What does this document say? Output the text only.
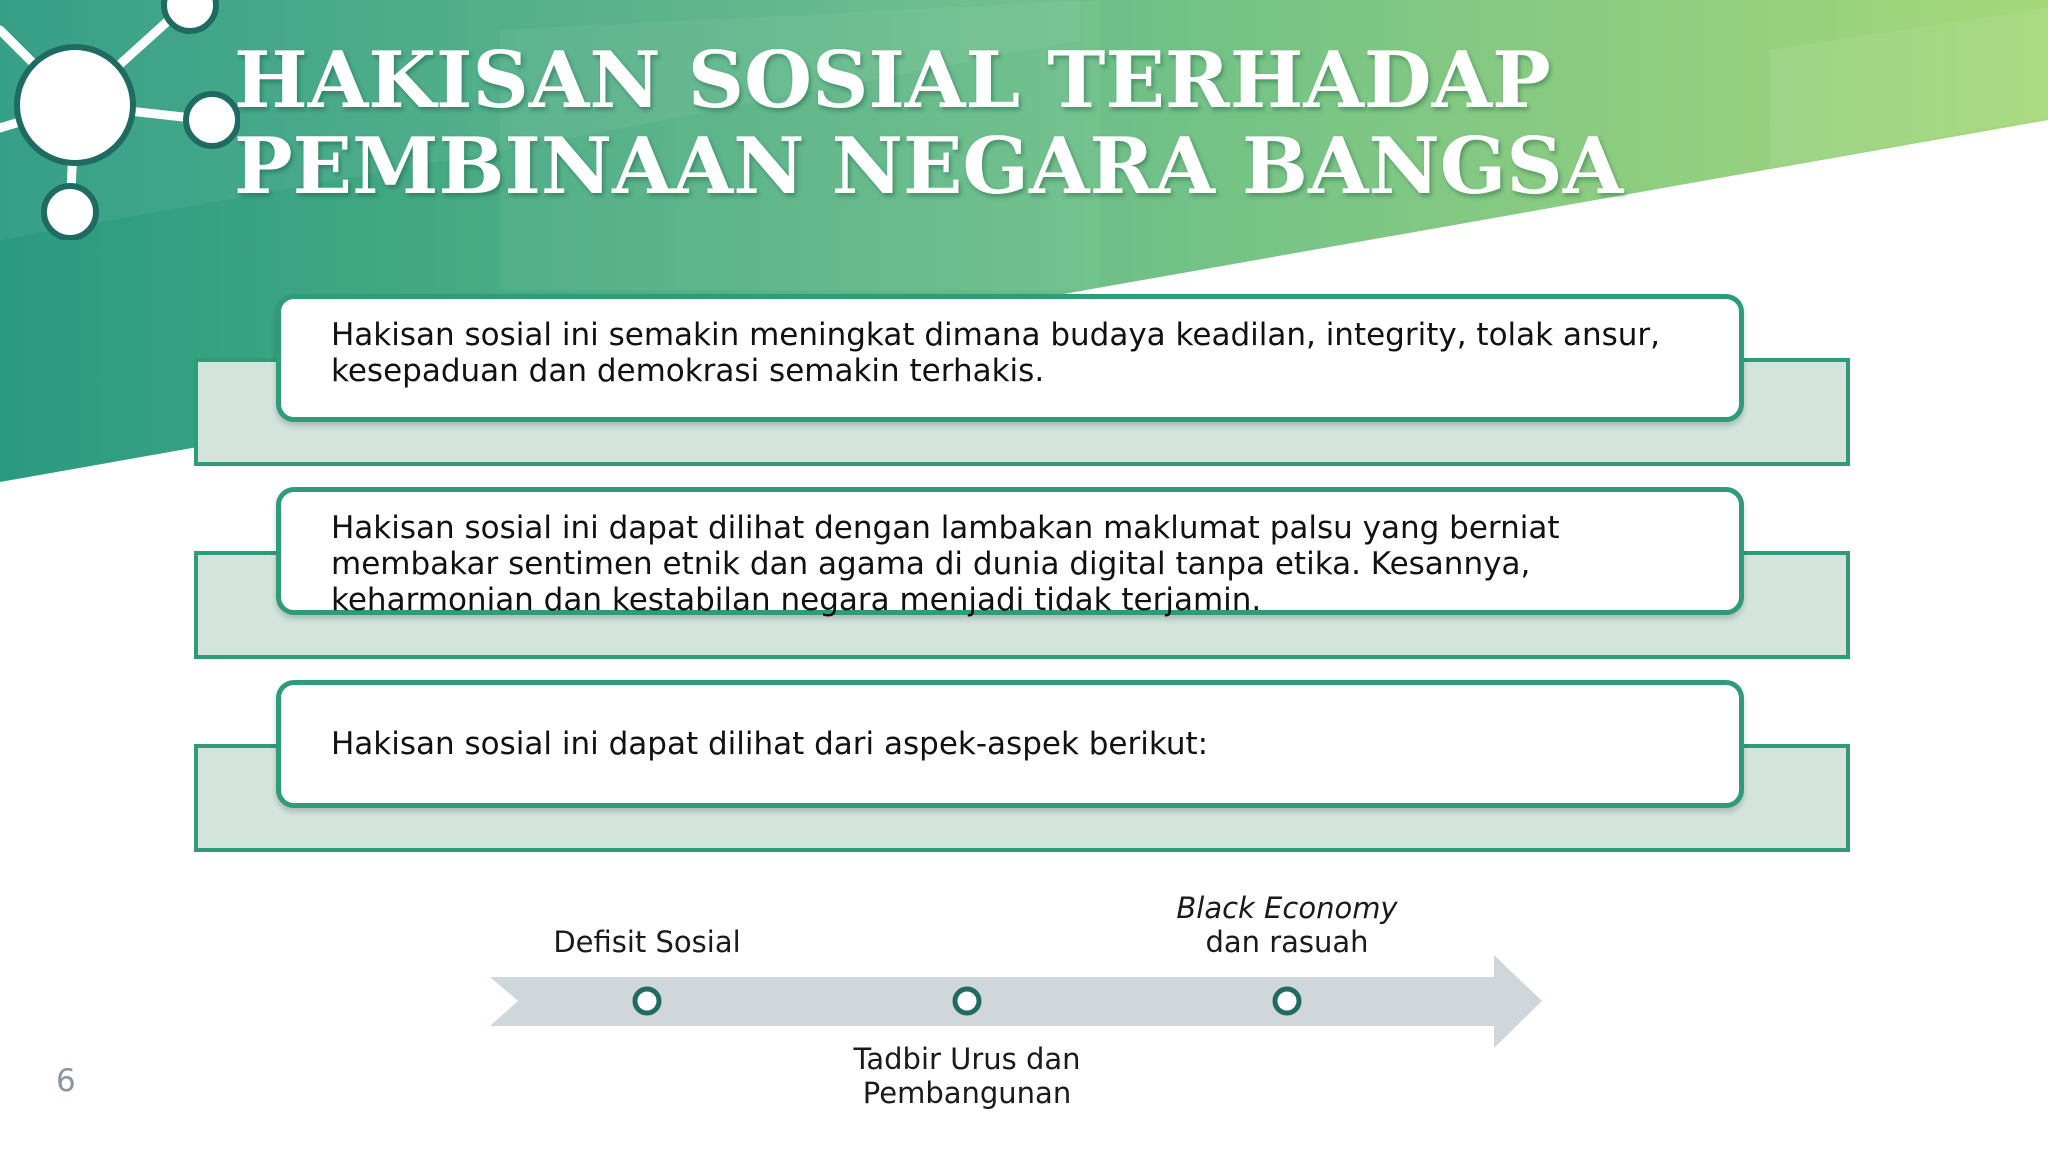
HAKISAN SOSIAL TERHADAP
PEMBINAAN NEGARA BANGSA

Hakisan sosial ini semakin meningkat dimana budaya keadilan, integrity, tolak ansur, kesepaduan dan demokrasi semakin terhakis.

Hakisan sosial ini dapat dilihat dengan lambakan maklumat palsu yang berniat membakar sentimen etnik dan agama di dunia digital tanpa etika. Kesannya, keharmonian dan kestabilan negara menjadi tidak terjamin.

Hakisan sosial ini dapat dilihat dari aspek-aspek berikut:

Defisit Sosial
Tadbir Urus dan
Pembangunan
Black Economy
dan rasuah
6
